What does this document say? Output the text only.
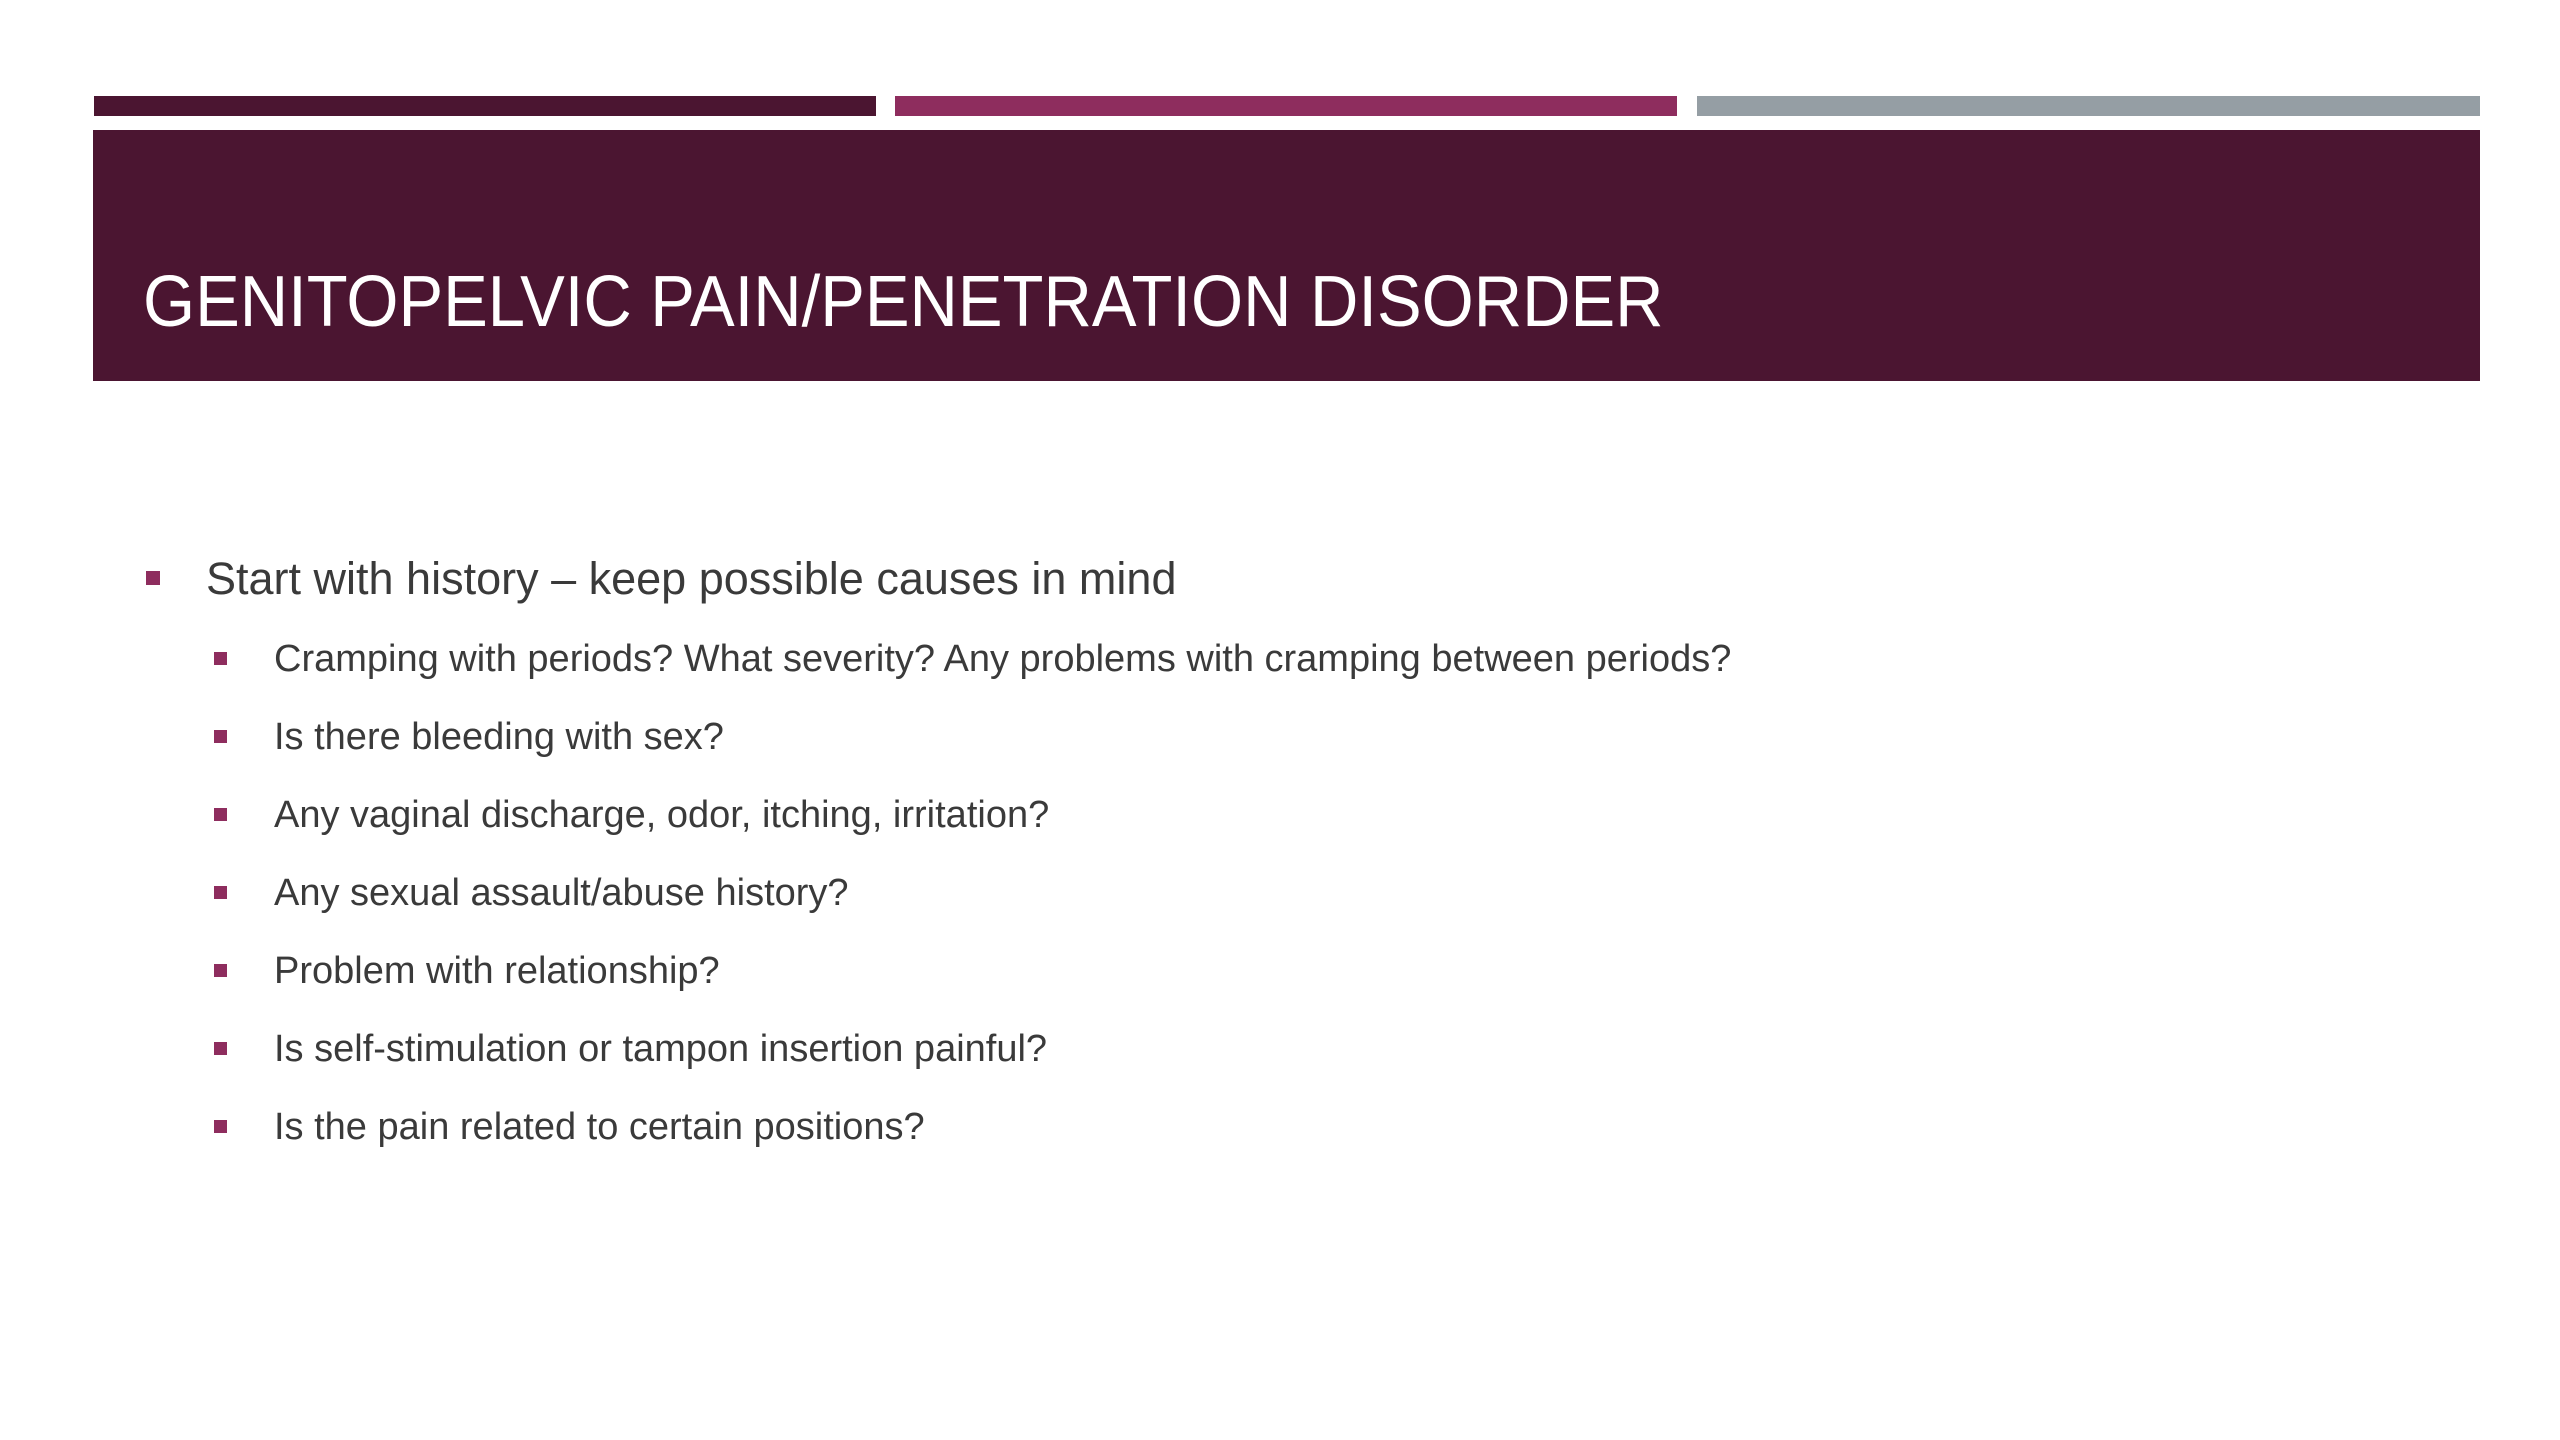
GENITOPELVIC PAIN/PENETRATION DISORDER
Start with history – keep possible causes in mind
Cramping with periods? What severity? Any problems with cramping between periods?
Is there bleeding with sex?
Any vaginal discharge, odor, itching, irritation?
Any sexual assault/abuse history?
Problem with relationship?
Is self-stimulation or tampon insertion painful?
Is the pain related to certain positions?
